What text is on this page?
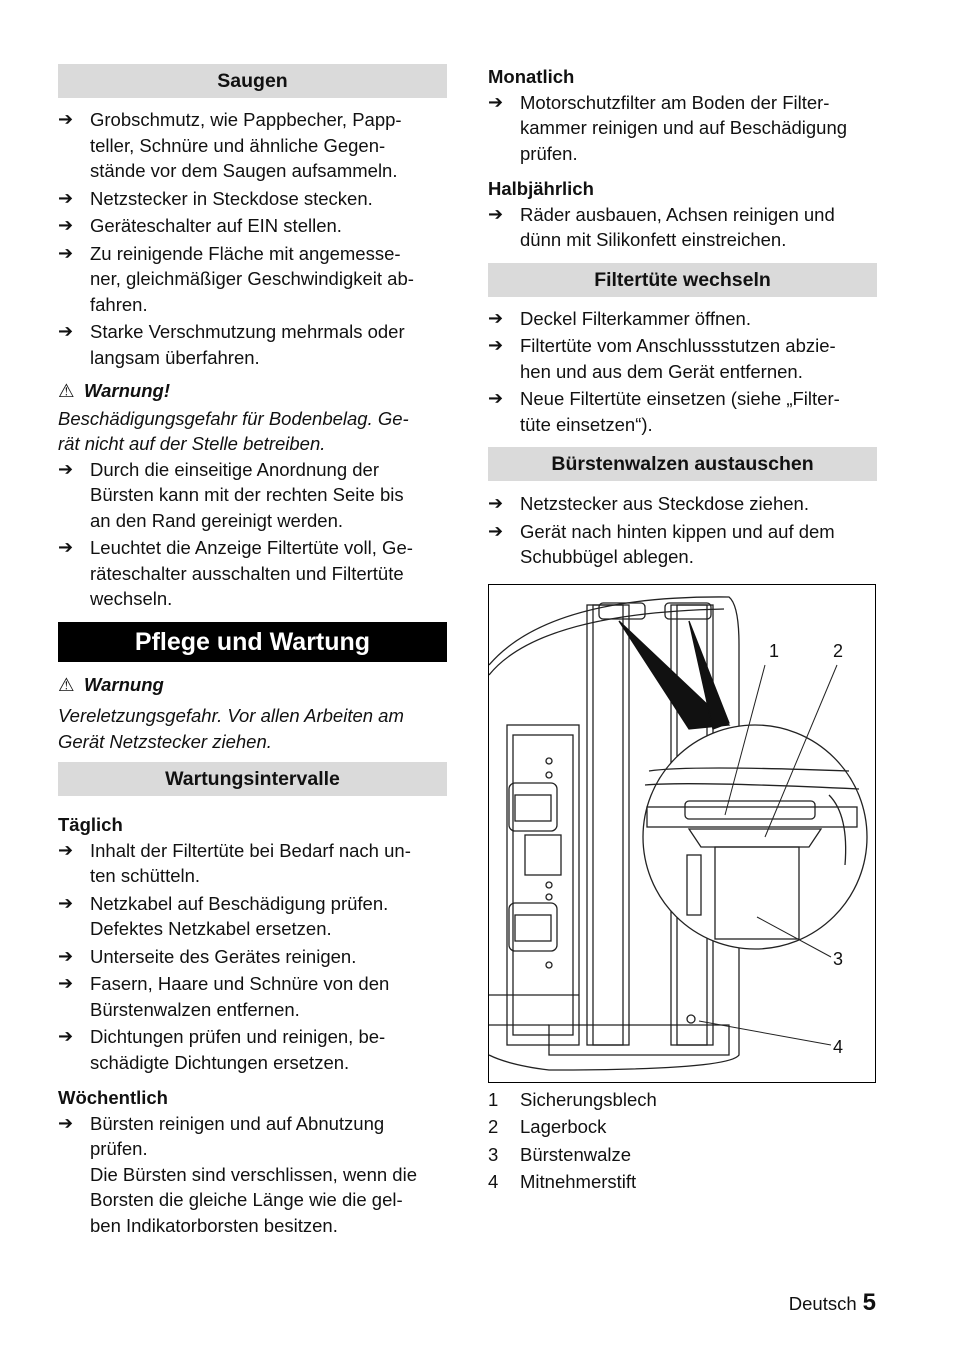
Saugen
➔ Grobschmutz, wie Pappbecher, Papp-
teller, Schnüre und ähnliche Gegen-
stände vor dem Saugen aufsammeln.
➔ Netzstecker in Steckdose stecken.
➔ Geräteschalter auf EIN stellen.
➔ Zu reinigende Fläche mit angemesse-
ner, gleichmäßiger Geschwindigkeit ab-
fahren.
➔ Starke Verschmutzung mehrmals oder
langsam überfahren.
⚠ Warnung!
Beschädigungsgefahr für Bodenbelag. Ge-
rät nicht auf der Stelle betreiben.
➔ Durch die einseitige Anordnung der
Bürsten kann mit der rechten Seite bis
an den Rand gereinigt werden.
➔ Leuchtet die Anzeige Filtertüte voll, Ge-
räteschalter ausschalten und Filtertüte
wechseln.
Pflege und Wartung
⚠ Warnung
Vereletzungsgefahr. Vor allen Arbeiten am
Gerät Netzstecker ziehen.
Wartungsintervalle
Täglich
➔ Inhalt der Filtertüte bei Bedarf nach un-
ten schütteln.
➔ Netzkabel auf Beschädigung prüfen.
Defektes Netzkabel ersetzen.
➔ Unterseite des Gerätes reinigen.
➔ Fasern, Haare und Schnüre von den
Bürstenwalzen entfernen.
➔ Dichtungen prüfen und reinigen, be-
schädigte Dichtungen ersetzen.
Wöchentlich
➔ Bürsten reinigen und auf Abnutzung
prüfen.
Die Bürsten sind verschlissen, wenn die
Borsten die gleiche Länge wie die gel-
ben Indikatorborsten besitzen.
Monatlich
➔ Motorschutzfilter am Boden der Filter-
kammer reinigen und auf Beschädigung
prüfen.
Halbjährlich
➔ Räder ausbauen, Achsen reinigen und
dünn mit Silikonfett einstreichen.
Filtertüte wechseln
➔ Deckel Filterkammer öffnen.
➔ Filtertüte vom Anschlussstutzen abzie-
hen und aus dem Gerät entfernen.
➔ Neue Filtertüte einsetzen (siehe „Filter-
tüte einsetzen“).
Bürstenwalzen austauschen
➔ Netzstecker aus Steckdose ziehen.
➔ Gerät nach hinten kippen und auf dem
Schubbügel ablegen.
1	2
3
4
1	Sicherungsblech
2	Lagerbock
3	Bürstenwalze
4	Mitnehmerstift
Deutsch 5
